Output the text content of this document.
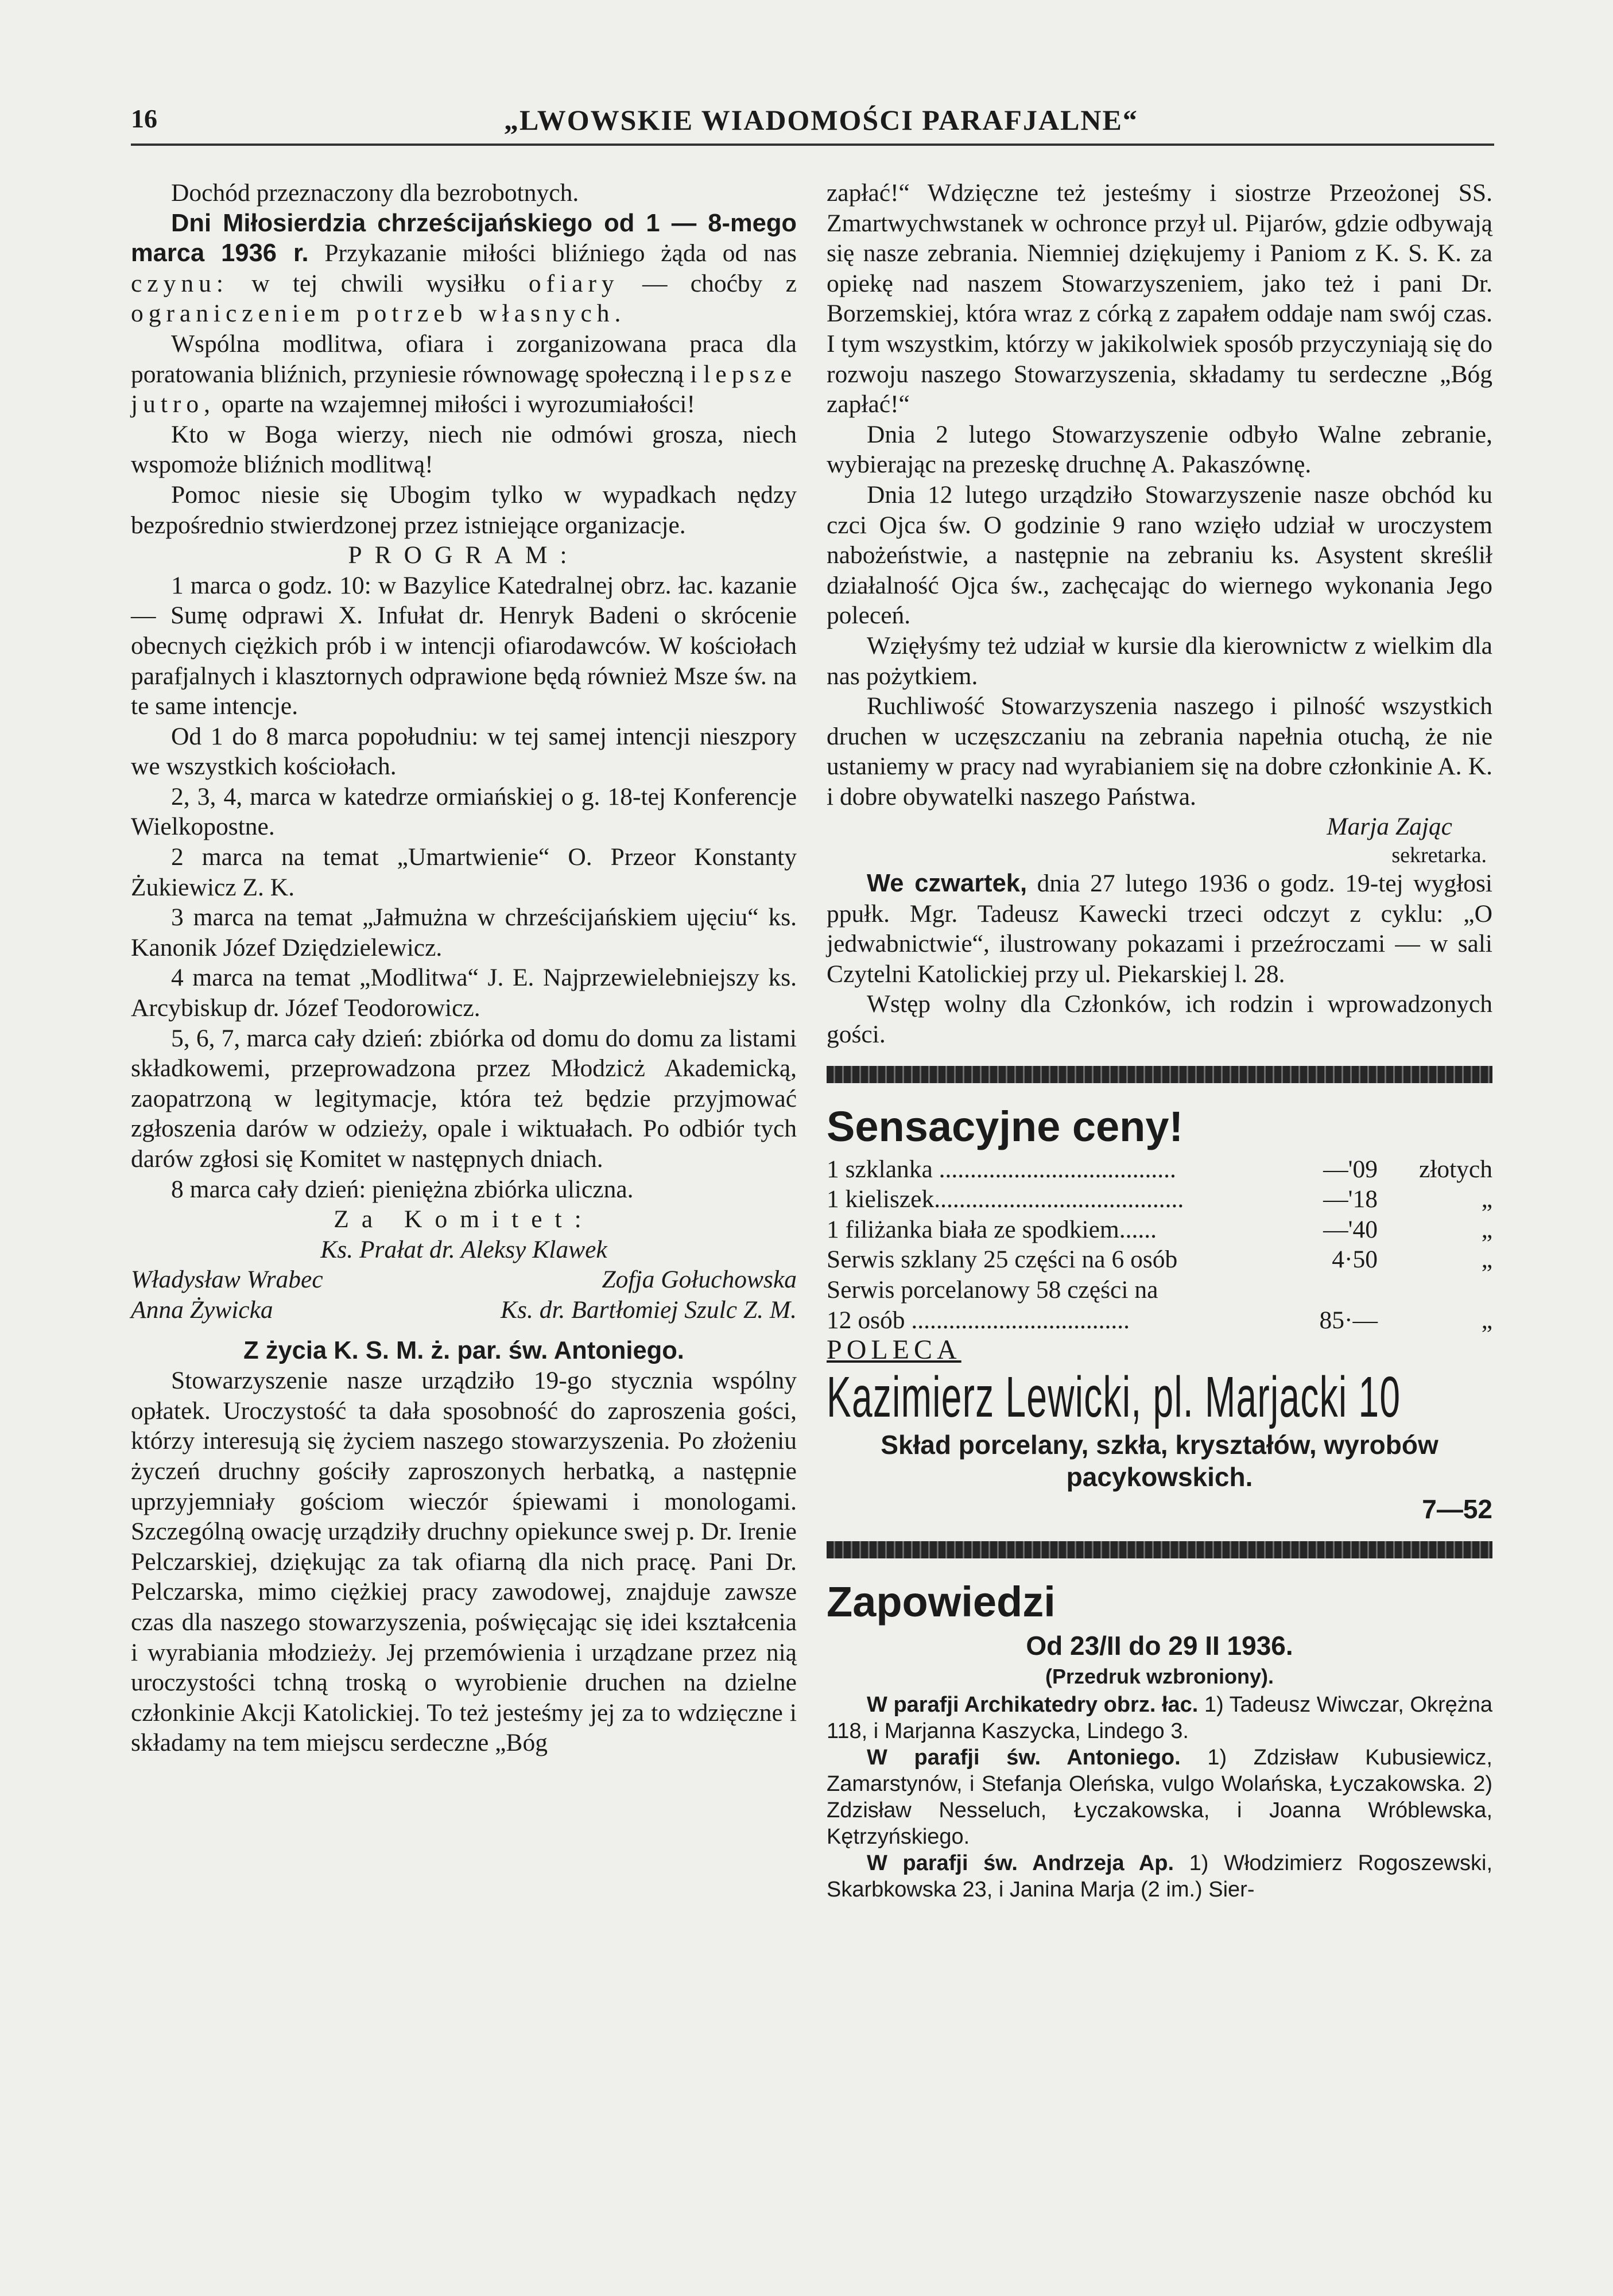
16	„LWOWSKIE WIADOMOŚCI PARAFJALNE“

Dochód przeznaczony dla bezrobotnych.

Dni Miłosierdzia chrześcijańskiego od 1 — 8-mego marca 1936 r. Przykazanie miłości bliźniego żąda od nas czynu: w tej chwili wysiłku ofiary — choćby z ograniczeniem potrzeb własnych.

Wspólna modlitwa, ofiara i zorganizowana praca dla poratowania bliźnich, przyniesie równowagę społeczną i lepsze jutro, oparte na wzajemnej miłości i wyrozumiałości!

Kto w Boga wierzy, niech nie odmówi grosza, niech wspomoże bliźnich modlitwą!

Pomoc niesie się Ubogim tylko w wypadkach nędzy bezpośrednio stwierdzonej przez istniejące organizacje.

PROGRAM:

1 marca o godz. 10: w Bazylice Katedralnej obrz. łac. kazanie — Sumę odprawi X. Infułat dr. Henryk Badeni o skrócenie obecnych ciężkich prób i w intencji ofiarodawców. W kościołach parafjalnych i klasztornych odprawione będą również Msze św. na te same intencje.

Od 1 do 8 marca popołudniu: w tej samej intencji nieszpory we wszystkich kościołach.

2, 3, 4, marca w katedrze ormiańskiej o g. 18-tej Konferencje Wielkopostne.

2 marca na temat „Umartwienie“ O. Przeor Konstanty Żukiewicz Z. K.

3 marca na temat „Jałmużna w chrześcijańskiem ujęciu“ ks. Kanonik Józef Dziędzielewicz.

4 marca na temat „Modlitwa“ J. E. Najprzewielebniejszy ks. Arcybiskup dr. Józef Teodorowicz.

5, 6, 7, marca cały dzień: zbiórka od domu do domu za listami składkowemi, przeprowadzona przez Młodzicż Akademicką, zaopatrzoną w legitymacje, która też będzie przyjmować zgłoszenia darów w odzieży, opale i wiktuałach. Po odbiór tych darów zgłosi się Komitet w następnych dniach.

8 marca cały dzień: pieniężna zbiórka uliczna.

Za Komitet:

Ks. Prałat dr. Aleksy Klawek

Władysław Wrabec	Zofja Gołuchowska
Anna Żywicka	Ks. dr. Bartłomiej Szulc Z. M.

Z życia K. S. M. ż. par. św. Antoniego.

Stowarzyszenie nasze urządziło 19-go stycznia wspólny opłatek. Uroczystość ta dała sposobność do zaproszenia gości, którzy interesują się życiem naszego stowarzyszenia. Po złożeniu życzeń druchny gościły zaproszonych herbatką, a następnie uprzyjemniały gościom wieczór śpiewami i monologami. Szczególną owację urządziły druchny opiekunce swej p. Dr. Irenie Pelczarskiej, dziękując za tak ofiarną dla nich pracę. Pani Dr. Pelczarska, mimo ciężkiej pracy zawodowej, znajduje zawsze czas dla naszego stowarzyszenia, poświęcając się idei kształcenia i wyrabiania młodzieży. Jej przemówienia i urządzane przez nią uroczystości tchną troską o wyrobienie druchen na dzielne członkinie Akcji Katolickiej. To też jesteśmy jej za to wdzięczne i składamy na tem miejscu serdeczne „Bóg

zapłać!“ Wdzięczne też jesteśmy i siostrze Przeożonej SS. Zmartwychwstanek w ochronce przył ul. Pijarów, gdzie odbywają się nasze zebrania. Niemniej dziękujemy i Paniom z K. S. K. za opiekę nad naszem Stowarzyszeniem, jako też i pani Dr. Borzemskiej, która wraz z córką z zapałem oddaje nam swój czas. I tym wszystkim, którzy w jakikolwiek sposób przyczyniają się do rozwoju naszego Stowarzyszenia, składamy tu serdeczne „Bóg zapłać!“

Dnia 2 lutego Stowarzyszenie odbyło Walne zebranie, wybierając na prezeskę druchnę A. Pakaszównę.

Dnia 12 lutego urządziło Stowarzyszenie nasze obchód ku czci Ojca św. O godzinie 9 rano wzięło udział w uroczystem nabożeństwie, a następnie na zebraniu ks. Asystent skreślił działalność Ojca św., zachęcając do wiernego wykonania Jego poleceń.

Wzięłyśmy też udział w kursie dla kierownictw z wielkim dla nas pożytkiem.

Ruchliwość Stowarzyszenia naszego i pilność wszystkich druchen w uczęszczaniu na zebrania napełnia otuchą, że nie ustaniemy w pracy nad wyrabianiem się na dobre członkinie A. K. i dobre obywatelki naszego Państwa.

Marja Zając

sekretarka.

We czwartek, dnia 27 lutego 1936 o godz. 19-tej wygłosi ppułk. Mgr. Tadeusz Kawecki trzeci odczyt z cyklu: „O jedwabnictwie“, ilustrowany pokazami i przeźroczami — w sali Czytelni Katolickiej przy ul. Piekarskiej l. 28.

Wstęp wolny dla Członków, ich rodzin i wprowadzonych gości.

Sensacyjne ceny!
1 szklanka ......................................	—'09	złotych
1 kieliszek........................................	—'18	„
1 filiżanka biała ze spodkiem......	—'40	„
Serwis szklany 25 części na 6 osób	4·50	„
Serwis porcelanowy 58 części na
12 osób ...................................	85·—	„
POLECA
Kazimierz Lewicki, pl. Marjacki 10

Skład porcelany, szkła, kryształów, wyrobów pacykowskich.

7—52

Zapowiedzi

Od 23/II do 29 II 1936.

(Przedruk wzbroniony).

W parafji Archikatedry obrz. łac. 1) Tadeusz Wiwczar, Okrężna 118, i Marjanna Kaszycka, Lindego 3.

W parafji św. Antoniego. 1) Zdzisław Kubusiewicz, Zamarstynów, i Stefanja Oleńska, vulgo Wolańska, Łyczakowska. 2) Zdzisław Nesseluch, Łyczakowska, i Joanna Wróblewska, Kętrzyńskiego.

W parafji św. Andrzeja Ap. 1) Włodzimierz Rogoszewski, Skarbkowska 23, i Janina Marja (2 im.) Sier-
